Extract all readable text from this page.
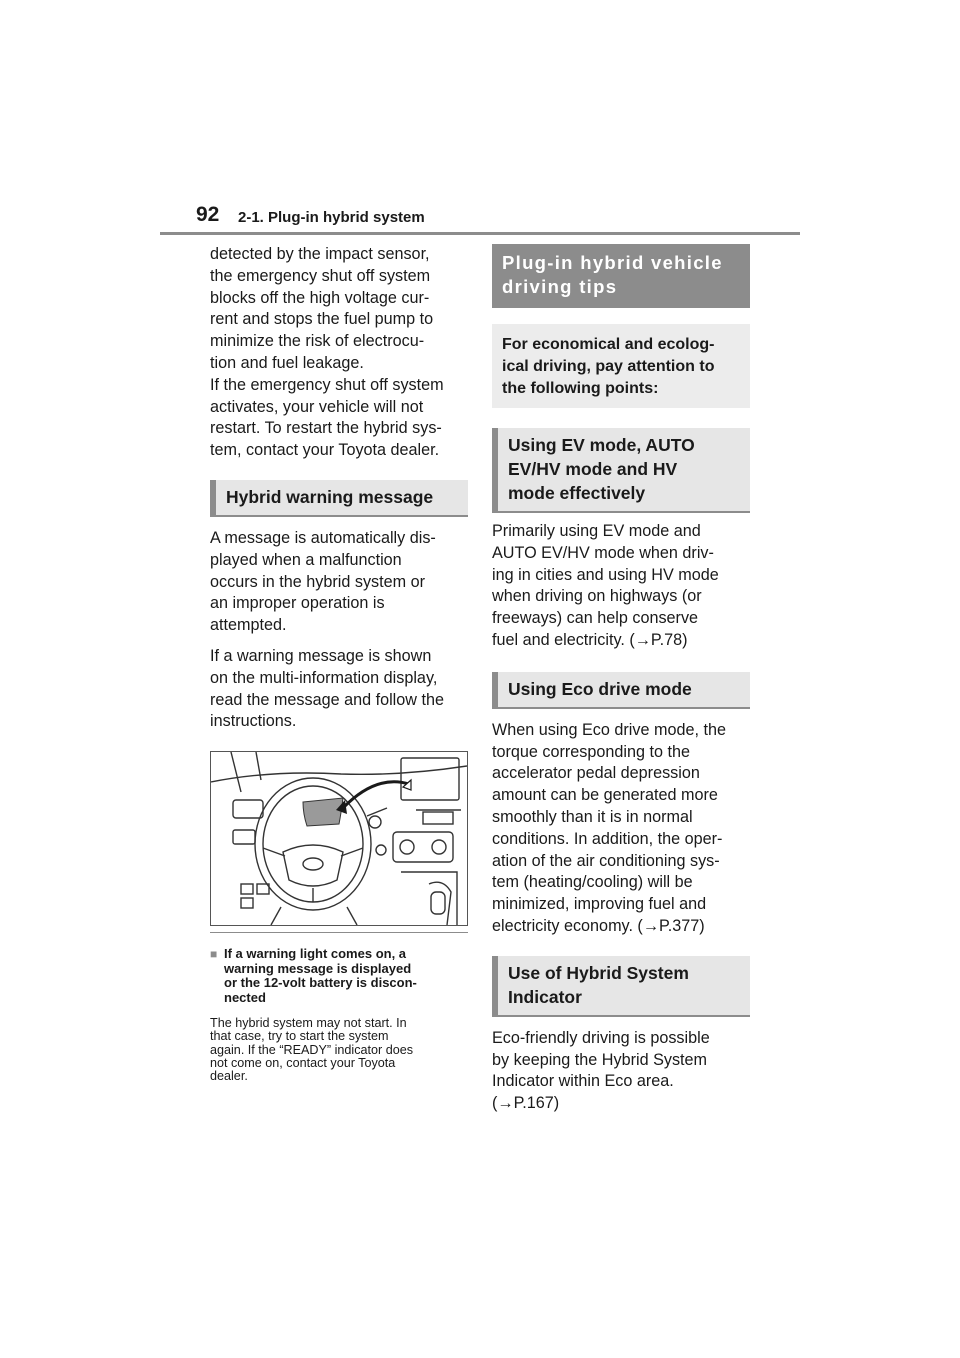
92 2-1. Plug-in hybrid system

detected by the impact sensor,
the emergency shut off system
blocks off the high voltage cur-
rent and stops the fuel pump to
minimize the risk of electrocu-
tion and fuel leakage.
If the emergency shut off system
activates, your vehicle will not
restart. To restart the hybrid sys-
tem, contact your Toyota dealer.

Hybrid warning message

A message is automatically dis-
played when a malfunction
occurs in the hybrid system or
an improper operation is
attempted.

If a warning message is shown
on the multi-information display,
read the message and follow the
instructions.

■ If a warning light comes on, a
warning message is displayed
or the 12-volt battery is discon-
nected

The hybrid system may not start. In
that case, try to start the system
again. If the “READY” indicator does
not come on, contact your Toyota
dealer.

Plug-in hybrid vehicle
driving tips
For economical and ecolog-
ical driving, pay attention to
the following points:
Using EV mode, AUTO
EV/HV mode and HV
mode effectively

Primarily using EV mode and
AUTO EV/HV mode when driv-
ing in cities and using HV mode
when driving on highways (or
freeways) can help conserve
fuel and electricity. (→P.78)

Using Eco drive mode

When using Eco drive mode, the
torque corresponding to the
accelerator pedal depression
amount can be generated more
smoothly than it is in normal
conditions. In addition, the oper-
ation of the air conditioning sys-
tem (heating/cooling) will be
minimized, improving fuel and
electricity economy. (→P.377)

Use of Hybrid System
Indicator

Eco-friendly driving is possible
by keeping the Hybrid System
Indicator within Eco area.
(→P.167)
